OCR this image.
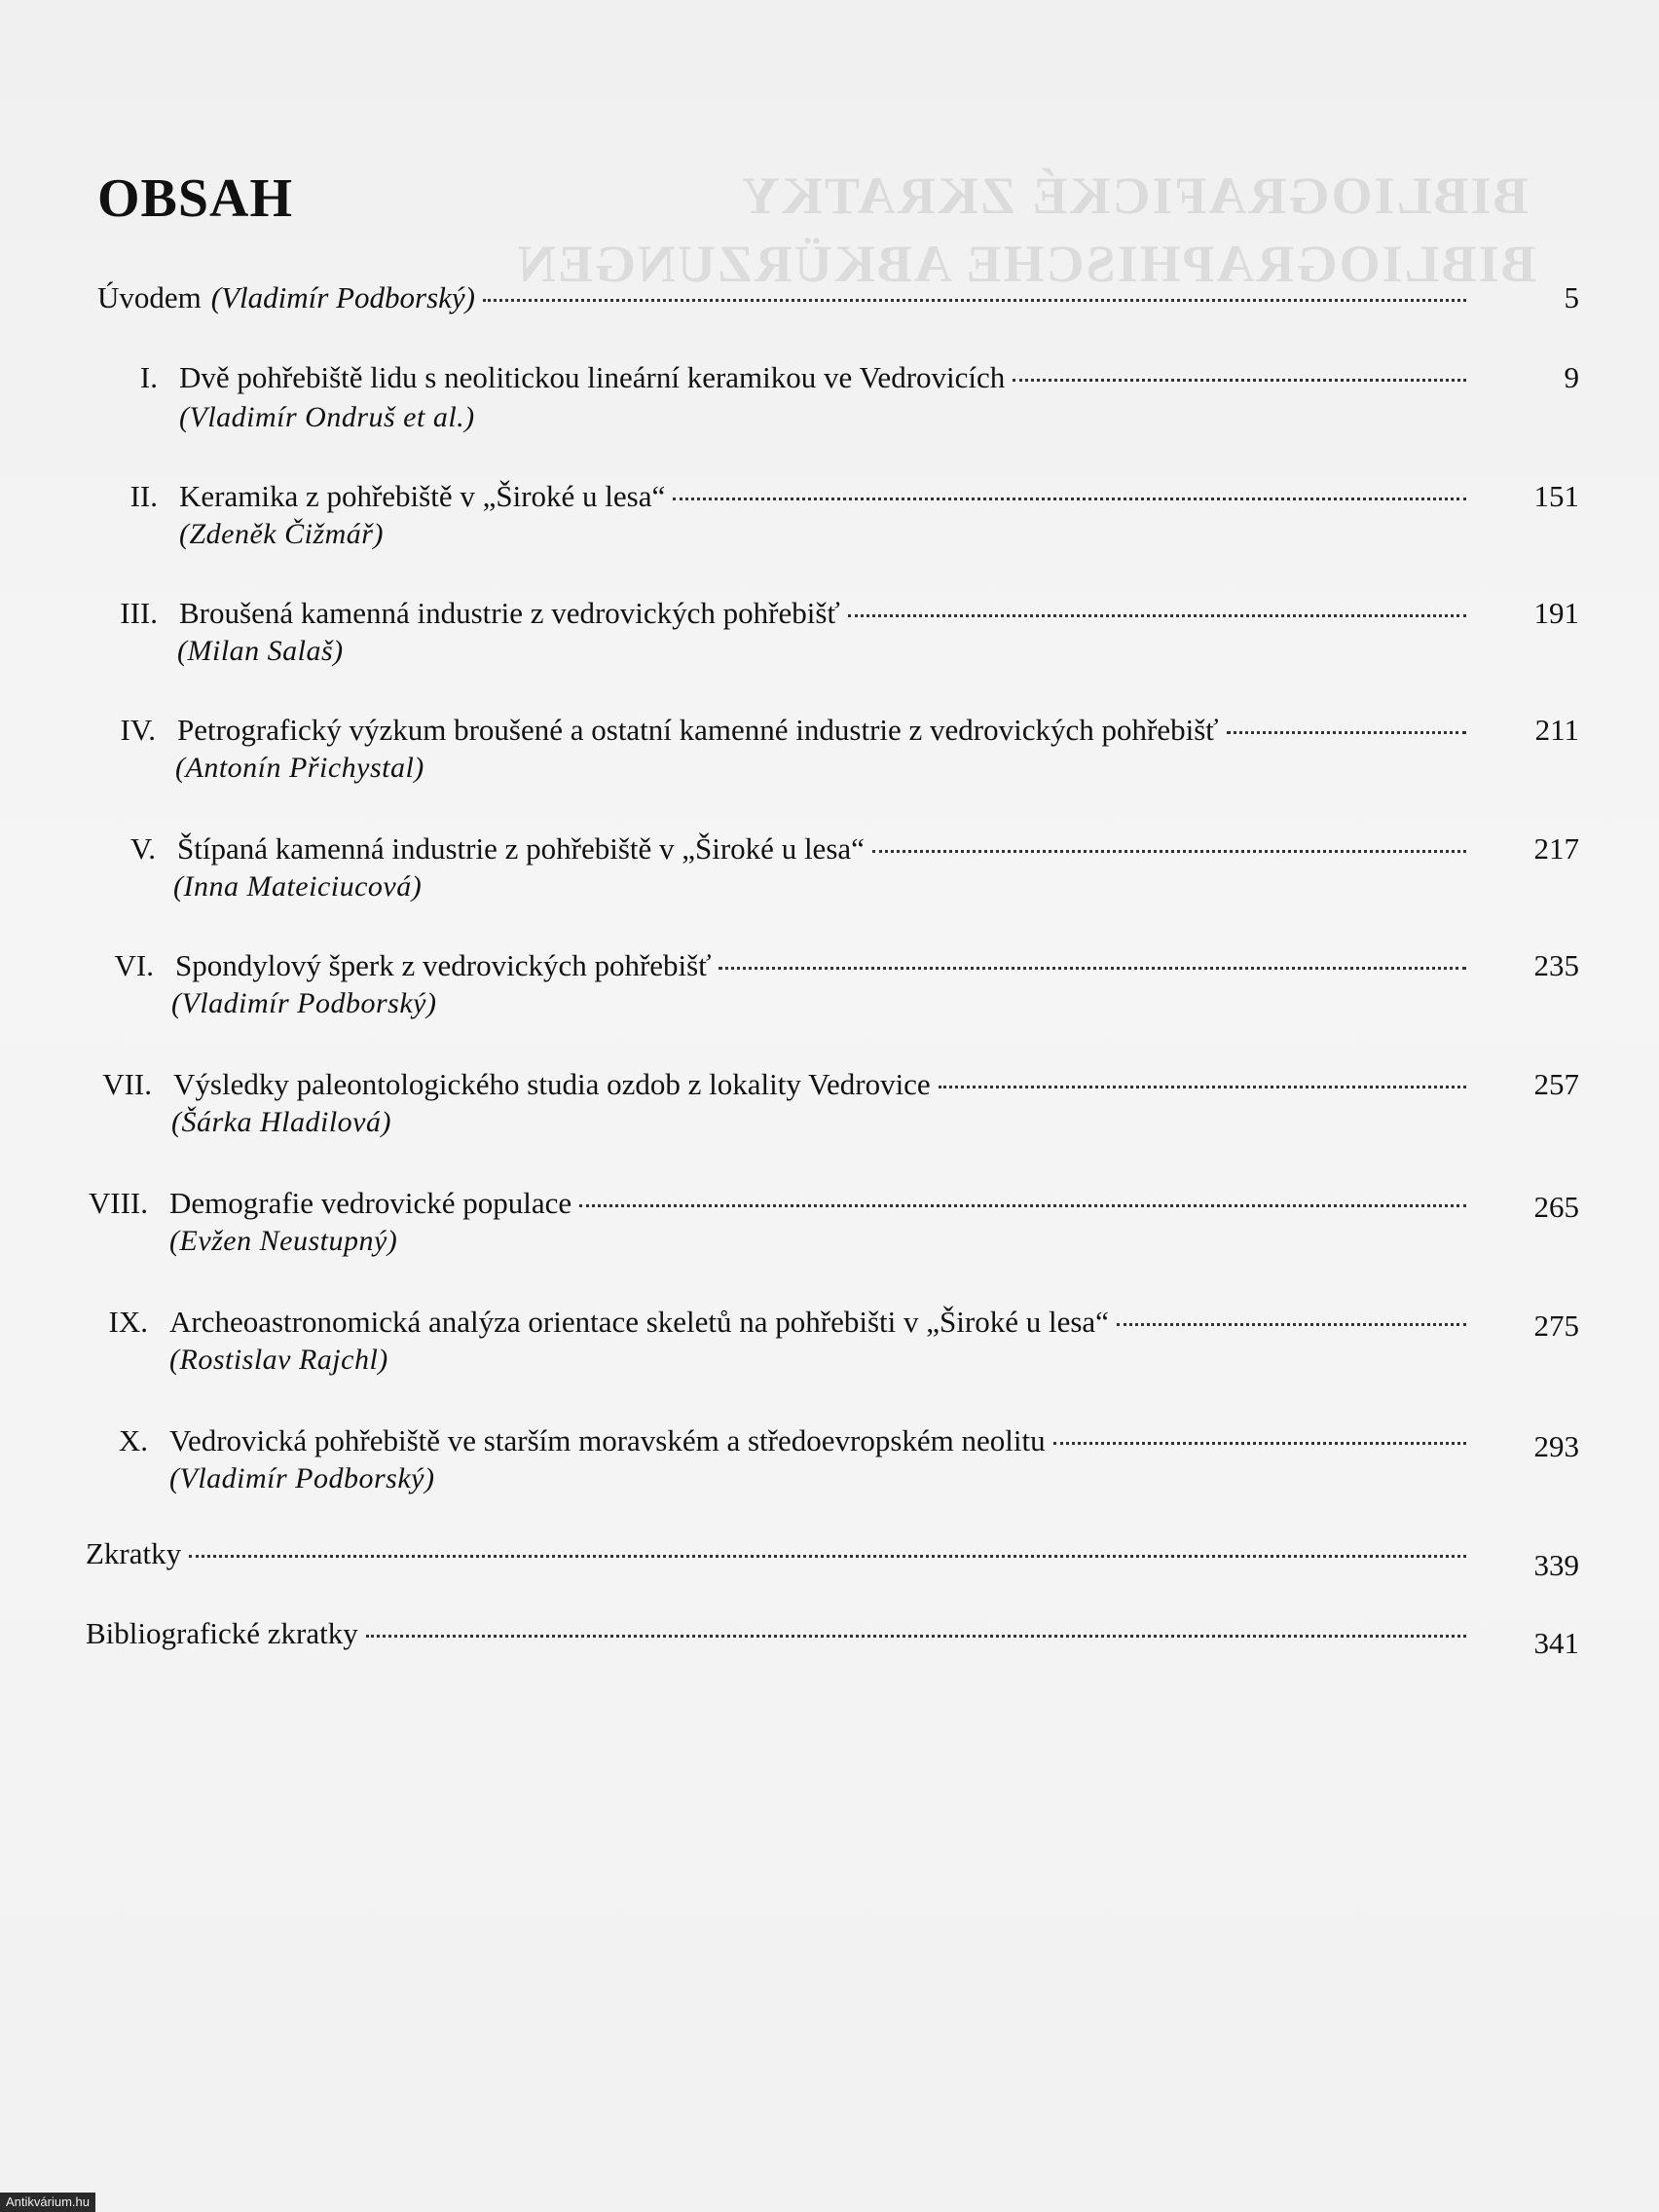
ВІВLІОGRAFICKÉ ZKRATKY
BIBLIOGRAPHISCHE ABKÜRZUNGEN
OBSAH
Úvodem (Vladimír Podborský)	5
I. Dvě pohřebiště lidu s neolitickou lineární keramikou ve Vedrovicích	9
(Vladimír Ondruš et al.)
II. Keramika z pohřebiště v „Široké u lesa“	151
(Zdeněk Čižmář)
III. Broušená kamenná industrie z vedrovických pohřebišť	191
(Milan Salaš)
IV. Petrografický výzkum broušené a ostatní kamenné industrie z vedrovických pohřebišť	211
(Antonín Přichystal)
V. Štípaná kamenná industrie z pohřebiště v „Široké u lesa“	217
(Inna Mateiciucová)
VI. Spondylový šperk z vedrovických pohřebišť	235
(Vladimír Podborský)
VII. Výsledky paleontologického studia ozdob z lokality Vedrovice	257
(Šárka Hladilová)
VIII. Demografie vedrovické populace	265
(Evžen Neustupný)
IX. Archeoastronomická analýza orientace skeletů na pohřebišti v „Široké u lesa“	275
(Rostislav Rajchl)
X. Vedrovická pohřebiště ve starším moravském a středoevropském neolitu	293
(Vladimír Podborský)
Zkratky	339
Bibliografické zkratky	341
Antikvárium.hu
